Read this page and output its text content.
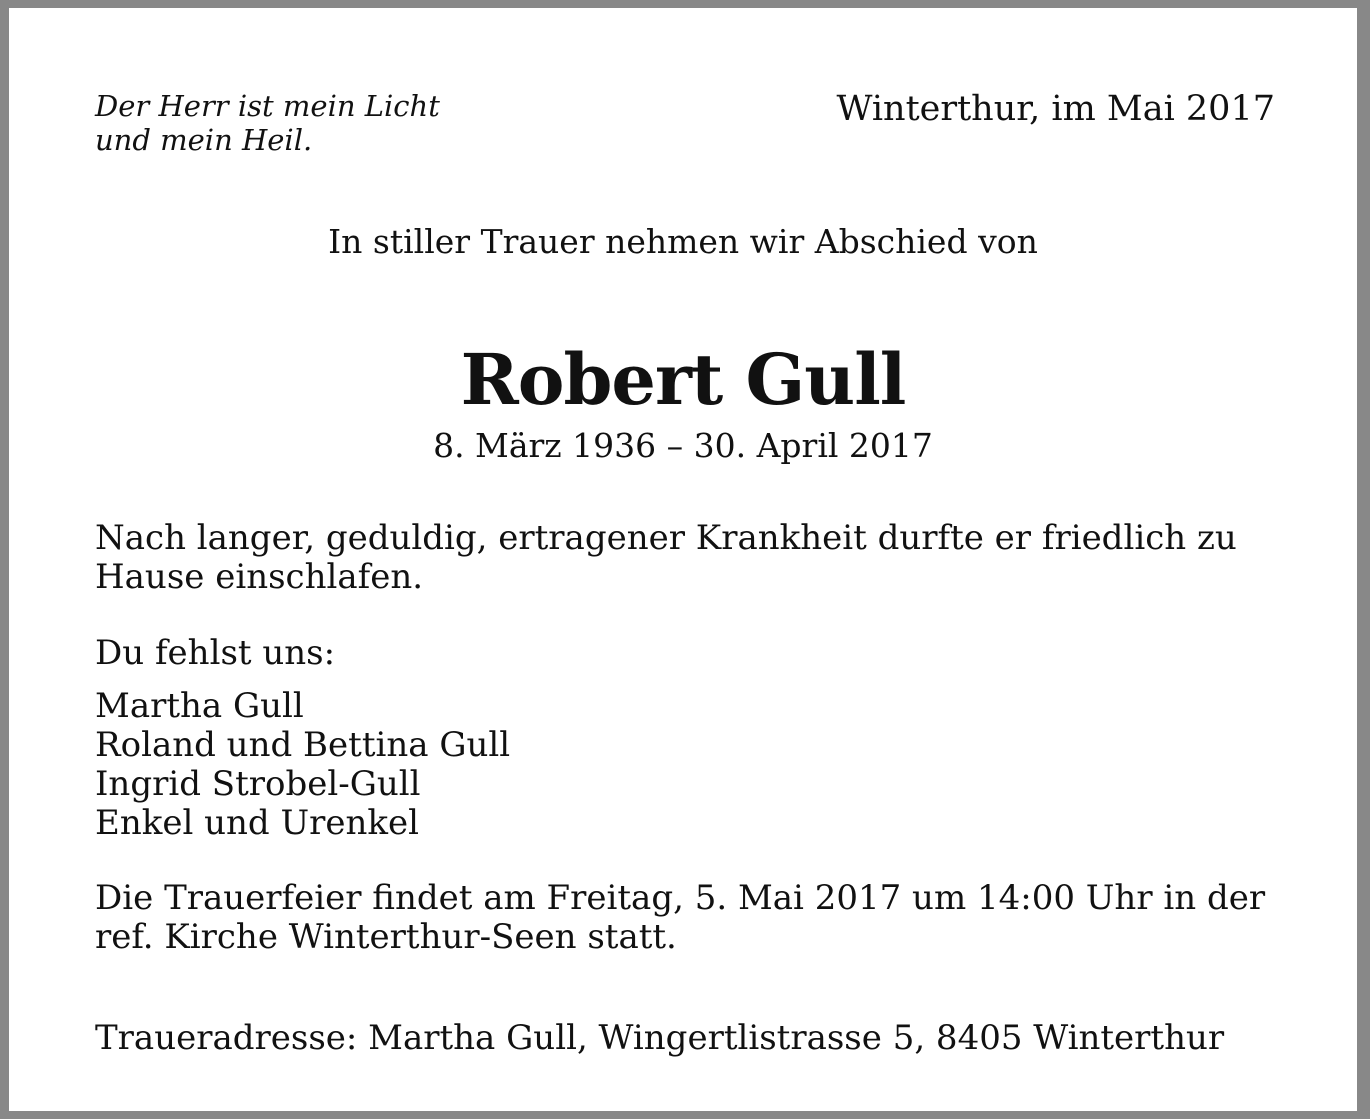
Der Herr ist mein Licht
und mein Heil.
Winterthur, im Mai 2017
In stiller Trauer nehmen wir Abschied von
Robert Gull
8. März 1936 – 30. April 2017
Nach langer, geduldig, ertragener Krankheit durfte er friedlich zu
Hause einschlafen.
Du fehlst uns:
Martha Gull
Roland und Bettina Gull
Ingrid Strobel-Gull
Enkel und Urenkel
Die Trauerfeier findet am Freitag, 5. Mai 2017 um 14:00 Uhr in der
ref. Kirche Winterthur-Seen statt.
Traueradresse: Martha Gull, Wingertlistrasse 5, 8405 Winterthur
